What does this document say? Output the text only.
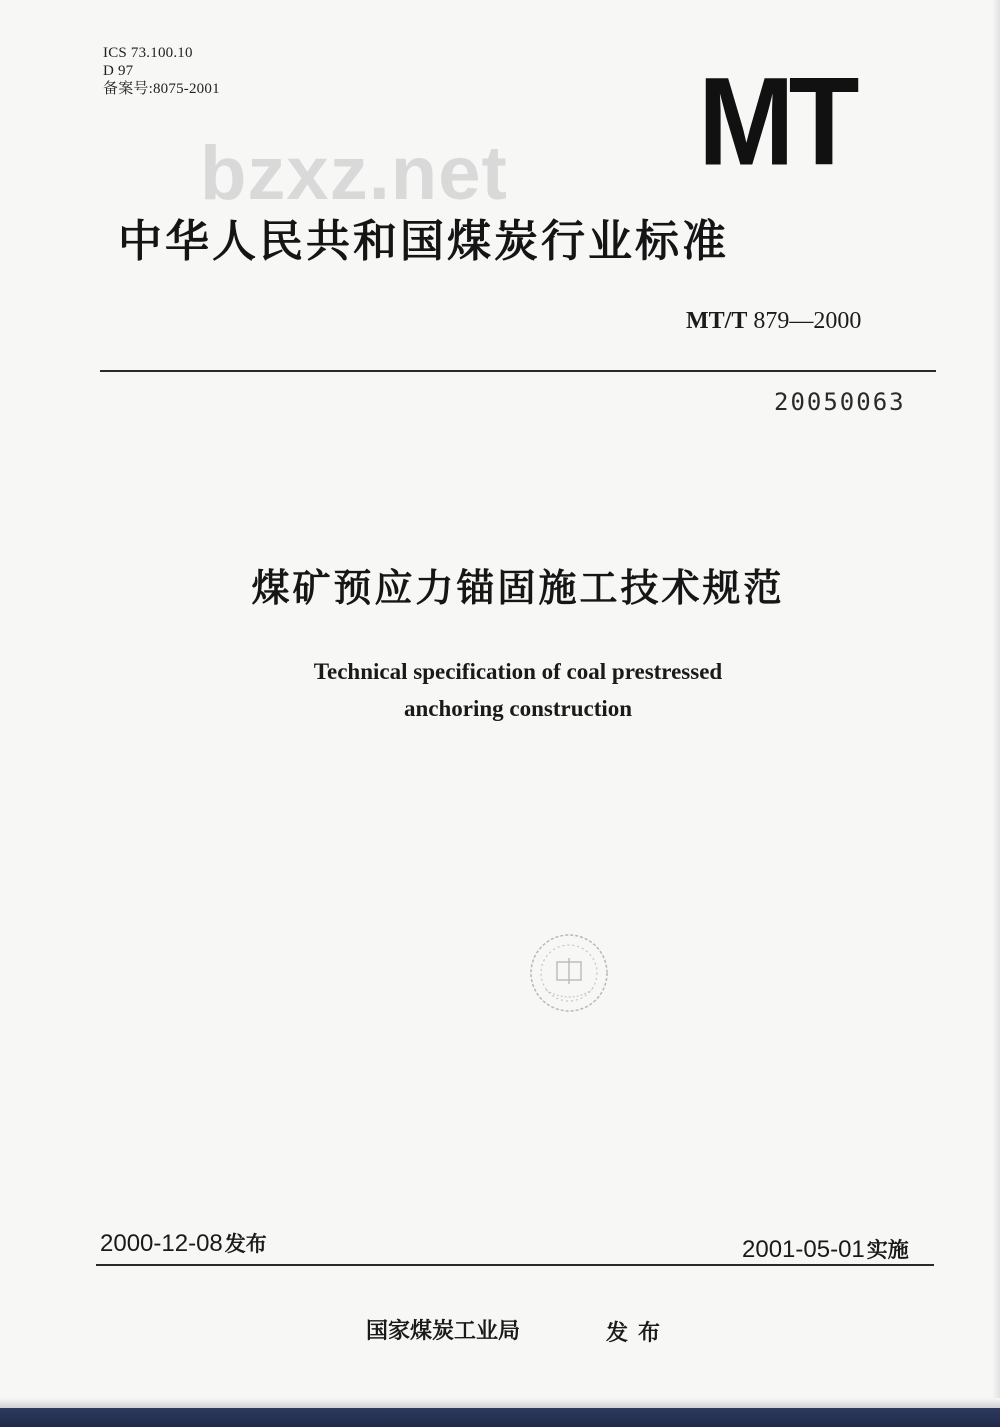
ICS 73.100.10
D 97
备案号:8075-2001	MT
bzxz.net
中华人民共和国煤炭行业标准
MT/T 879—2000
20050063
煤矿预应力锚固施工技术规范
Technical specification of coal prestressed
anchoring construction
2000-12-08发布	2001-05-01实施
国家煤炭工业局	发布
